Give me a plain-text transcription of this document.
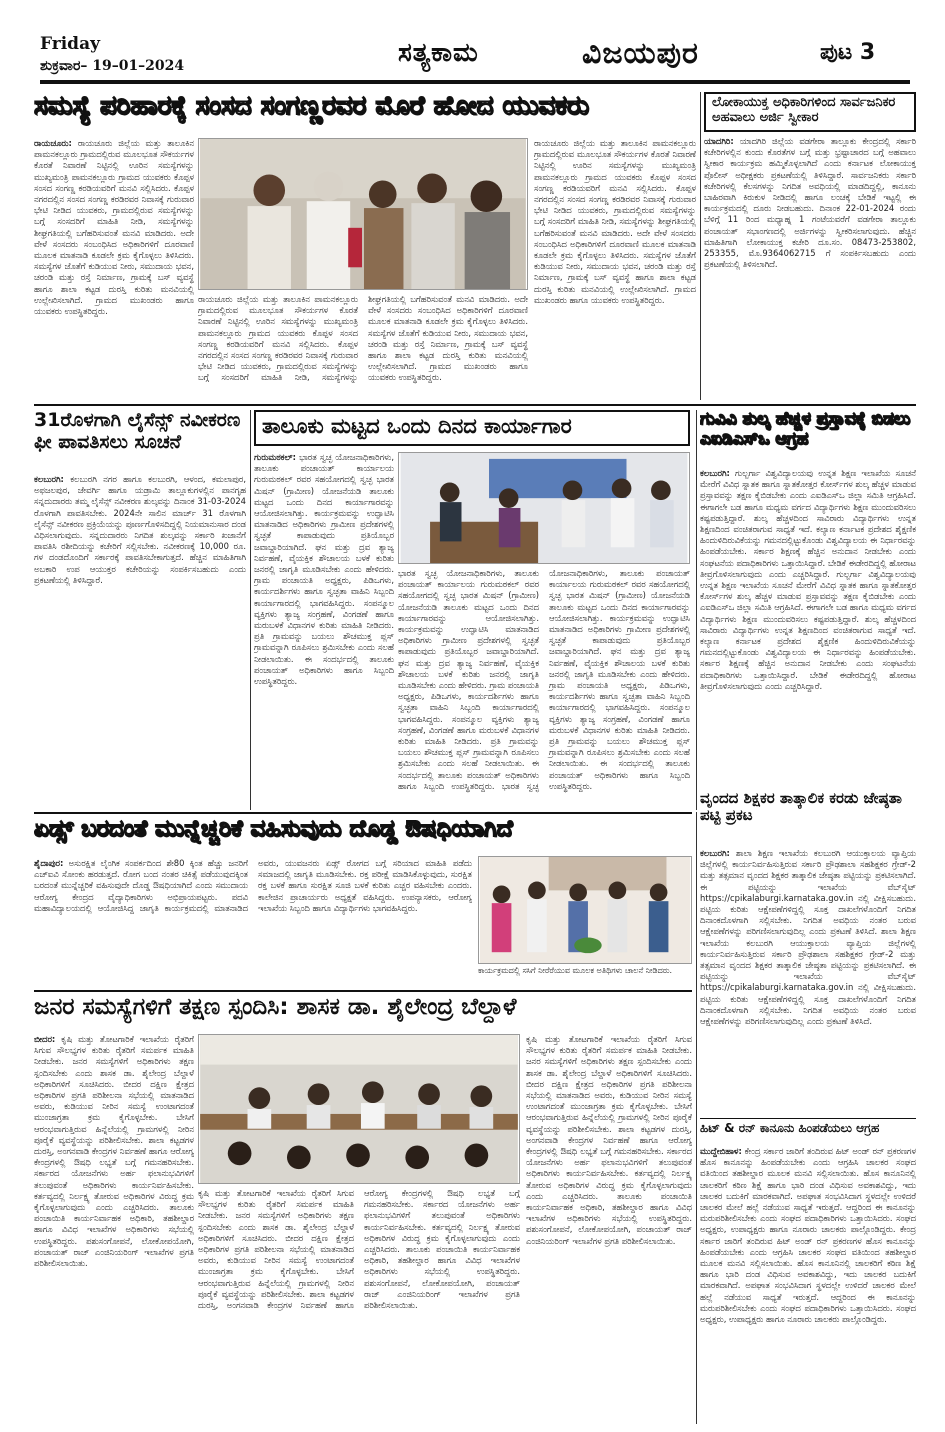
Friday
ಶುಕ್ರವಾರ– 19–01–2024	ಸತ್ಯಕಾಮ	ವಿಜಯಪುರ	ಪುಟ 3
ಸಮಸ್ಯೆ ಪರಿಹಾರಕ್ಕೆ ಸಂಸದ ಸಂಗಣ್ಣರವರ ಮೊರೆ ಹೋದ ಯುವಕರು
ರಾಯಚೂರು: ರಾಯಚೂರು ಜಿಲ್ಲೆಯ ಮತ್ತು ತಾಲೂಕಿನ ಪಾಮನಕಲ್ಲೂರು ಗ್ರಾಮದಲ್ಲಿರುವ ಮೂಲಭೂತ ಸೌಕರ್ಯಗಳ ಕೊರತೆ ನಿವಾರಣೆ ನಿಟ್ಟಿನಲ್ಲಿ ಊರಿನ ಸಮಸ್ಯೆಗಳನ್ನು ಮುಖ್ಯಮಂತ್ರಿ ಪಾಮನಕಲ್ಲೂರು ಗ್ರಾಮದ ಯುವಕರು ಕೊಪ್ಪಳ ಸಂಸದ ಸಂಗಣ್ಣ ಕರಡಿಯವರಿಗೆ ಮನವಿ ಸಲ್ಲಿಸಿದರು. ಕೊಪ್ಪಳ ನಗರದಲ್ಲಿನ ಸಂಸದ ಸಂಗಣ್ಣ ಕರಡಿರವರ ನಿವಾಸಕ್ಕೆ ಗುರುವಾರ ಭೇಟಿ ನೀಡಿದ ಯುವಕರು, ಗ್ರಾಮದಲ್ಲಿರುವ ಸಮಸ್ಯೆಗಳನ್ನು ಬಗ್ಗೆ ಸಂಸದರಿಗೆ ಮಾಹಿತಿ ನೀಡಿ, ಸಮಸ್ಯೆಗಳನ್ನು ಶೀಘ್ರಗತಿಯಲ್ಲಿ ಬಗೆಹರಿಸುವಂತೆ ಮನವಿ ಮಾಡಿದರು. ಅದೇ ವೇಳೆ ಸಂಸದರು ಸಂಬಂಧಿಸಿದ ಅಧಿಕಾರಿಗಳಿಗೆ ದೂರವಾಣಿ ಮೂಲಕ ಮಾತನಾಡಿ ಕೂಡಲೇ ಕ್ರಮ ಕೈಗೊಳ್ಳಲು ತಿಳಿಸಿದರು. ಸಮಸ್ಯೆಗಳ ಜೊತೆಗೆ ಕುಡಿಯುವ ನೀರು, ಸಮುದಾಯ ಭವನ, ಚರಂಡಿ ಮತ್ತು ರಸ್ತೆ ನಿರ್ಮಾಣ, ಗ್ರಾಮಕ್ಕೆ ಬಸ್ ವ್ಯವಸ್ಥೆ ಹಾಗೂ ಶಾಲಾ ಕಟ್ಟಡ ದುರಸ್ತಿ ಕುರಿತು ಮನವಿಯಲ್ಲಿ ಉಲ್ಲೇಖಿಸಲಾಗಿದೆ. ಗ್ರಾಮದ ಮುಖಂಡರು ಹಾಗೂ ಯುವಕರು ಉಪಸ್ಥಿತರಿದ್ದರು.
ರಾಯಚೂರು ಜಿಲ್ಲೆಯ ಮತ್ತು ತಾಲೂಕಿನ ಪಾಮನಕಲ್ಲೂರು ಗ್ರಾಮದಲ್ಲಿರುವ ಮೂಲಭೂತ ಸೌಕರ್ಯಗಳ ಕೊರತೆ ನಿವಾರಣೆ ನಿಟ್ಟಿನಲ್ಲಿ ಊರಿನ ಸಮಸ್ಯೆಗಳನ್ನು ಮುಖ್ಯಮಂತ್ರಿ ಪಾಮನಕಲ್ಲೂರು ಗ್ರಾಮದ ಯುವಕರು ಕೊಪ್ಪಳ ಸಂಸದ ಸಂಗಣ್ಣ ಕರಡಿಯವರಿಗೆ ಮನವಿ ಸಲ್ಲಿಸಿದರು. ಕೊಪ್ಪಳ ನಗರದಲ್ಲಿನ ಸಂಸದ ಸಂಗಣ್ಣ ಕರಡಿರವರ ನಿವಾಸಕ್ಕೆ ಗುರುವಾರ ಭೇಟಿ ನೀಡಿದ ಯುವಕರು, ಗ್ರಾಮದಲ್ಲಿರುವ ಸಮಸ್ಯೆಗಳನ್ನು ಬಗ್ಗೆ ಸಂಸದರಿಗೆ ಮಾಹಿತಿ ನೀಡಿ, ಸಮಸ್ಯೆಗಳನ್ನು ಶೀಘ್ರಗತಿಯಲ್ಲಿ ಬಗೆಹರಿಸುವಂತೆ ಮನವಿ ಮಾಡಿದರು. ಅದೇ ವೇಳೆ ಸಂಸದರು ಸಂಬಂಧಿಸಿದ ಅಧಿಕಾರಿಗಳಿಗೆ ದೂರವಾಣಿ ಮೂಲಕ ಮಾತನಾಡಿ ಕೂಡಲೇ ಕ್ರಮ ಕೈಗೊಳ್ಳಲು ತಿಳಿಸಿದರು. ಸಮಸ್ಯೆಗಳ ಜೊತೆಗೆ ಕುಡಿಯುವ ನೀರು, ಸಮುದಾಯ ಭವನ, ಚರಂಡಿ ಮತ್ತು ರಸ್ತೆ ನಿರ್ಮಾಣ, ಗ್ರಾಮಕ್ಕೆ ಬಸ್ ವ್ಯವಸ್ಥೆ ಹಾಗೂ ಶಾಲಾ ಕಟ್ಟಡ ದುರಸ್ತಿ ಕುರಿತು ಮನವಿಯಲ್ಲಿ ಉಲ್ಲೇಖಿಸಲಾಗಿದೆ. ಗ್ರಾಮದ ಮುಖಂಡರು ಹಾಗೂ ಯುವಕರು ಉಪಸ್ಥಿತರಿದ್ದರು.
ರಾಯಚೂರು ಜಿಲ್ಲೆಯ ಮತ್ತು ತಾಲೂಕಿನ ಪಾಮನಕಲ್ಲೂರು ಗ್ರಾಮದಲ್ಲಿರುವ ಮೂಲಭೂತ ಸೌಕರ್ಯಗಳ ಕೊರತೆ ನಿವಾರಣೆ ನಿಟ್ಟಿನಲ್ಲಿ ಊರಿನ ಸಮಸ್ಯೆಗಳನ್ನು ಮುಖ್ಯಮಂತ್ರಿ ಪಾಮನಕಲ್ಲೂರು ಗ್ರಾಮದ ಯುವಕರು ಕೊಪ್ಪಳ ಸಂಸದ ಸಂಗಣ್ಣ ಕರಡಿಯವರಿಗೆ ಮನವಿ ಸಲ್ಲಿಸಿದರು. ಕೊಪ್ಪಳ ನಗರದಲ್ಲಿನ ಸಂಸದ ಸಂಗಣ್ಣ ಕರಡಿರವರ ನಿವಾಸಕ್ಕೆ ಗುರುವಾರ ಭೇಟಿ ನೀಡಿದ ಯುವಕರು, ಗ್ರಾಮದಲ್ಲಿರುವ ಸಮಸ್ಯೆಗಳನ್ನು ಬಗ್ಗೆ ಸಂಸದರಿಗೆ ಮಾಹಿತಿ ನೀಡಿ, ಸಮಸ್ಯೆಗಳನ್ನು ಶೀಘ್ರಗತಿಯಲ್ಲಿ ಬಗೆಹರಿಸುವಂತೆ ಮನವಿ ಮಾಡಿದರು. ಅದೇ ವೇಳೆ ಸಂಸದರು ಸಂಬಂಧಿಸಿದ ಅಧಿಕಾರಿಗಳಿಗೆ ದೂರವಾಣಿ ಮೂಲಕ ಮಾತನಾಡಿ ಕೂಡಲೇ ಕ್ರಮ ಕೈಗೊಳ್ಳಲು ತಿಳಿಸಿದರು. ಸಮಸ್ಯೆಗಳ ಜೊತೆಗೆ ಕುಡಿಯುವ ನೀರು, ಸಮುದಾಯ ಭವನ, ಚರಂಡಿ ಮತ್ತು ರಸ್ತೆ ನಿರ್ಮಾಣ, ಗ್ರಾಮಕ್ಕೆ ಬಸ್ ವ್ಯವಸ್ಥೆ ಹಾಗೂ ಶಾಲಾ ಕಟ್ಟಡ ದುರಸ್ತಿ ಕುರಿತು ಮನವಿಯಲ್ಲಿ ಉಲ್ಲೇಖಿಸಲಾಗಿದೆ. ಗ್ರಾಮದ ಮುಖಂಡರು ಹಾಗೂ ಯುವಕರು ಉಪಸ್ಥಿತರಿದ್ದರು.
ಲೋಕಾಯುಕ್ತ ಅಧಿಕಾರಿಗಳಿಂದ ಸಾರ್ವಜನಿಕರ ಅಹವಾಲು ಅರ್ಜಿ ಸ್ವೀಕಾರ
ಯಾದಗಿರಿ: ಯಾದಗಿರಿ ಜಿಲ್ಲೆಯ ವಡಗೇರಾ ತಾಲ್ಲೂಕು ಕೇಂದ್ರದಲ್ಲಿ ಸರ್ಕಾರಿ ಕಚೇರಿಗಳಲ್ಲಿನ ಕುಂದು ಕೊರತೆಗಳ ಬಗ್ಗೆ ಮತ್ತು ಭ್ರಷ್ಟಾಚಾರದ ಬಗ್ಗೆ ಅಹವಾಲು ಸ್ವೀಕಾರ ಕಾರ್ಯಕ್ರಮ ಹಮ್ಮಿಕೊಳ್ಳಲಾಗಿದೆ ಎಂದು ಕರ್ನಾಟಕ ಲೋಕಾಯುಕ್ತ ಪೊಲೀಸ್ ಅಧೀಕ್ಷಕರು ಪ್ರಕಟಣೆಯಲ್ಲಿ ತಿಳಿಸಿದ್ದಾರೆ. ಸಾರ್ವಜನಿಕರು ಸರ್ಕಾರಿ ಕಚೇರಿಗಳಲ್ಲಿ ಕೆಲಸಗಳನ್ನು ನಿಗದಿತ ಅವಧಿಯಲ್ಲಿ ಮಾಡದಿದ್ದಲ್ಲಿ, ಕಾನೂನು ಬಾಹಿರವಾಗಿ ಕಿರುಕುಳ ನೀಡಿದಲ್ಲಿ ಹಾಗೂ ಲಂಚಕ್ಕೆ ಬೇಡಿಕೆ ಇಟ್ಟಲ್ಲಿ ಈ ಕಾರ್ಯಕ್ರಮದಲ್ಲಿ ದೂರು ನೀಡಬಹುದು. ದಿನಾಂಕ 22-01-2024 ರಂದು ಬೆಳಿಗ್ಗೆ 11 ರಿಂದ ಮಧ್ಯಾಹ್ನ 1 ಗಂಟೆಯವರೆಗೆ ವಡಗೇರಾ ತಾಲ್ಲೂಕು ಪಂಚಾಯತ್ ಸಭಾಂಗಣದಲ್ಲಿ ಅರ್ಜಿಗಳನ್ನು ಸ್ವೀಕರಿಸಲಾಗುವುದು. ಹೆಚ್ಚಿನ ಮಾಹಿತಿಗಾಗಿ ಲೋಕಾಯುಕ್ತ ಕಚೇರಿ ದೂ.ಸಂ. 08473-253802, 253355, ಮೊ.9364062715 ಗೆ ಸಂಪರ್ಕಿಸಬಹುದು ಎಂದು ಪ್ರಕಟಣೆಯಲ್ಲಿ ತಿಳಿಸಲಾಗಿದೆ.
31ರೊಳಗಾಗಿ ಲೈಸೆನ್ಸ್ ನವೀಕರಣ ಫೀ ಪಾವತಿಸಲು ಸೂಚನೆ
ಕಲಬುರಗಿ: ಕಲಬುರಗಿ ನಗರ ಹಾಗೂ ಕಲಬುರಗಿ, ಆಳಂದ, ಕಮಲಾಪುರ, ಅಫಜಲಪುರ, ಜೇವರ್ಗಿ ಹಾಗೂ ಯಡ್ರಾಮಿ ತಾಲ್ಲೂಕುಗಳಲ್ಲಿನ ಪಾನಗೃಹ ಸನ್ನದುದಾರರು ತಮ್ಮ ಲೈಸೆನ್ಸ್ ನವೀಕರಣ ಶುಲ್ಕವನ್ನು ದಿನಾಂಕ 31-03-2024 ರೊಳಗಾಗಿ ಪಾವತಿಸಬೇಕು. 2024ನೇ ಸಾಲಿನ ಮಾರ್ಚ್ 31 ರೊಳಗಾಗಿ ಲೈಸೆನ್ಸ್ ನವೀಕರಣ ಪ್ರಕ್ರಿಯೆಯನ್ನು ಪೂರ್ಣಗೊಳಿಸದಿದ್ದಲ್ಲಿ ನಿಯಮಾನುಸಾರ ದಂಡ ವಿಧಿಸಲಾಗುವುದು. ಸನ್ನದುದಾರರು ನಿಗದಿತ ಶುಲ್ಕವನ್ನು ಸರ್ಕಾರಿ ಖಜಾನೆಗೆ ಪಾವತಿಸಿ ರಶೀದಿಯನ್ನು ಕಚೇರಿಗೆ ಸಲ್ಲಿಸಬೇಕು. ನವೀಕರಣಕ್ಕೆ 10,000 ರೂ. ಗಳ ದಂಡದೊಂದಿಗೆ ಸರ್ಕಾರಕ್ಕೆ ಪಾವತಿಸಬೇಕಾಗುತ್ತದೆ. ಹೆಚ್ಚಿನ ಮಾಹಿತಿಗಾಗಿ ಅಬಕಾರಿ ಉಪ ಆಯುಕ್ತರ ಕಚೇರಿಯನ್ನು ಸಂಪರ್ಕಿಸಬಹುದು ಎಂದು ಪ್ರಕಟಣೆಯಲ್ಲಿ ತಿಳಿಸಿದ್ದಾರೆ.
ತಾಲೂಕು ಮಟ್ಟದ ಒಂದು ದಿನದ ಕಾರ್ಯಾಗಾರ
ಗುರುಮಠಕಲ್: ಭಾರತ ಸ್ವಚ್ಛ ಯೋಜನಾಧಿಕಾರಿಗಳು, ತಾಲೂಕು ಪಂಚಾಯತ್ ಕಾರ್ಯಾಲಯ ಗುರುಮಠಕಲ್ ರವರ ಸಹಯೋಗದಲ್ಲಿ ಸ್ವಚ್ಛ ಭಾರತ ಮಿಷನ್ (ಗ್ರಾಮೀಣ) ಯೋಜನೆಯಡಿ ತಾಲೂಕು ಮಟ್ಟದ ಒಂದು ದಿನದ ಕಾರ್ಯಾಗಾರವನ್ನು ಆಯೋಜಿಸಲಾಗಿತ್ತು. ಕಾರ್ಯಕ್ರಮವನ್ನು ಉದ್ಘಾಟಿಸಿ ಮಾತನಾಡಿದ ಅಧಿಕಾರಿಗಳು ಗ್ರಾಮೀಣ ಪ್ರದೇಶಗಳಲ್ಲಿ ಸ್ವಚ್ಛತೆ ಕಾಪಾಡುವುದು ಪ್ರತಿಯೊಬ್ಬರ ಜವಾಬ್ದಾರಿಯಾಗಿದೆ. ಘನ ಮತ್ತು ದ್ರವ ತ್ಯಾಜ್ಯ ನಿರ್ವಹಣೆ, ವೈಯಕ್ತಿಕ ಶೌಚಾಲಯ ಬಳಕೆ ಕುರಿತು ಜನರಲ್ಲಿ ಜಾಗೃತಿ ಮೂಡಿಸಬೇಕು ಎಂದು ಹೇಳಿದರು. ಗ್ರಾಮ ಪಂಚಾಯತಿ ಅಧ್ಯಕ್ಷರು, ಪಿಡಿಒಗಳು, ಕಾರ್ಯದರ್ಶಿಗಳು ಹಾಗೂ ಸ್ವಚ್ಛತಾ ವಾಹಿನಿ ಸಿಬ್ಬಂದಿ ಕಾರ್ಯಾಗಾರದಲ್ಲಿ ಭಾಗವಹಿಸಿದ್ದರು. ಸಂಪನ್ಮೂಲ ವ್ಯಕ್ತಿಗಳು ತ್ಯಾಜ್ಯ ಸಂಗ್ರಹಣೆ, ವಿಂಗಡಣೆ ಹಾಗೂ ಮರುಬಳಕೆ ವಿಧಾನಗಳ ಕುರಿತು ಮಾಹಿತಿ ನೀಡಿದರು. ಪ್ರತಿ ಗ್ರಾಮವನ್ನು ಬಯಲು ಶೌಚಮುಕ್ತ ಪ್ಲಸ್ ಗ್ರಾಮವನ್ನಾಗಿ ರೂಪಿಸಲು ಶ್ರಮಿಸಬೇಕು ಎಂದು ಸಲಹೆ ನೀಡಲಾಯಿತು. ಈ ಸಂದರ್ಭದಲ್ಲಿ ತಾಲೂಕು ಪಂಚಾಯತ್ ಅಧಿಕಾರಿಗಳು ಹಾಗೂ ಸಿಬ್ಬಂದಿ ಉಪಸ್ಥಿತರಿದ್ದರು.
ಭಾರತ ಸ್ವಚ್ಛ ಯೋಜನಾಧಿಕಾರಿಗಳು, ತಾಲೂಕು ಪಂಚಾಯತ್ ಕಾರ್ಯಾಲಯ ಗುರುಮಠಕಲ್ ರವರ ಸಹಯೋಗದಲ್ಲಿ ಸ್ವಚ್ಛ ಭಾರತ ಮಿಷನ್ (ಗ್ರಾಮೀಣ) ಯೋಜನೆಯಡಿ ತಾಲೂಕು ಮಟ್ಟದ ಒಂದು ದಿನದ ಕಾರ್ಯಾಗಾರವನ್ನು ಆಯೋಜಿಸಲಾಗಿತ್ತು. ಕಾರ್ಯಕ್ರಮವನ್ನು ಉದ್ಘಾಟಿಸಿ ಮಾತನಾಡಿದ ಅಧಿಕಾರಿಗಳು ಗ್ರಾಮೀಣ ಪ್ರದೇಶಗಳಲ್ಲಿ ಸ್ವಚ್ಛತೆ ಕಾಪಾಡುವುದು ಪ್ರತಿಯೊಬ್ಬರ ಜವಾಬ್ದಾರಿಯಾಗಿದೆ. ಘನ ಮತ್ತು ದ್ರವ ತ್ಯಾಜ್ಯ ನಿರ್ವಹಣೆ, ವೈಯಕ್ತಿಕ ಶೌಚಾಲಯ ಬಳಕೆ ಕುರಿತು ಜನರಲ್ಲಿ ಜಾಗೃತಿ ಮೂಡಿಸಬೇಕು ಎಂದು ಹೇಳಿದರು. ಗ್ರಾಮ ಪಂಚಾಯತಿ ಅಧ್ಯಕ್ಷರು, ಪಿಡಿಒಗಳು, ಕಾರ್ಯದರ್ಶಿಗಳು ಹಾಗೂ ಸ್ವಚ್ಛತಾ ವಾಹಿನಿ ಸಿಬ್ಬಂದಿ ಕಾರ್ಯಾಗಾರದಲ್ಲಿ ಭಾಗವಹಿಸಿದ್ದರು. ಸಂಪನ್ಮೂಲ ವ್ಯಕ್ತಿಗಳು ತ್ಯಾಜ್ಯ ಸಂಗ್ರಹಣೆ, ವಿಂಗಡಣೆ ಹಾಗೂ ಮರುಬಳಕೆ ವಿಧಾನಗಳ ಕುರಿತು ಮಾಹಿತಿ ನೀಡಿದರು. ಪ್ರತಿ ಗ್ರಾಮವನ್ನು ಬಯಲು ಶೌಚಮುಕ್ತ ಪ್ಲಸ್ ಗ್ರಾಮವನ್ನಾಗಿ ರೂಪಿಸಲು ಶ್ರಮಿಸಬೇಕು ಎಂದು ಸಲಹೆ ನೀಡಲಾಯಿತು. ಈ ಸಂದರ್ಭದಲ್ಲಿ ತಾಲೂಕು ಪಂಚಾಯತ್ ಅಧಿಕಾರಿಗಳು ಹಾಗೂ ಸಿಬ್ಬಂದಿ ಉಪಸ್ಥಿತರಿದ್ದರು. ಭಾರತ ಸ್ವಚ್ಛ ಯೋಜನಾಧಿಕಾರಿಗಳು, ತಾಲೂಕು ಪಂಚಾಯತ್ ಕಾರ್ಯಾಲಯ ಗುರುಮಠಕಲ್ ರವರ ಸಹಯೋಗದಲ್ಲಿ ಸ್ವಚ್ಛ ಭಾರತ ಮಿಷನ್ (ಗ್ರಾಮೀಣ) ಯೋಜನೆಯಡಿ ತಾಲೂಕು ಮಟ್ಟದ ಒಂದು ದಿನದ ಕಾರ್ಯಾಗಾರವನ್ನು ಆಯೋಜಿಸಲಾಗಿತ್ತು. ಕಾರ್ಯಕ್ರಮವನ್ನು ಉದ್ಘಾಟಿಸಿ ಮಾತನಾಡಿದ ಅಧಿಕಾರಿಗಳು ಗ್ರಾಮೀಣ ಪ್ರದೇಶಗಳಲ್ಲಿ ಸ್ವಚ್ಛತೆ ಕಾಪಾಡುವುದು ಪ್ರತಿಯೊಬ್ಬರ ಜವಾಬ್ದಾರಿಯಾಗಿದೆ. ಘನ ಮತ್ತು ದ್ರವ ತ್ಯಾಜ್ಯ ನಿರ್ವಹಣೆ, ವೈಯಕ್ತಿಕ ಶೌಚಾಲಯ ಬಳಕೆ ಕುರಿತು ಜನರಲ್ಲಿ ಜಾಗೃತಿ ಮೂಡಿಸಬೇಕು ಎಂದು ಹೇಳಿದರು. ಗ್ರಾಮ ಪಂಚಾಯತಿ ಅಧ್ಯಕ್ಷರು, ಪಿಡಿಒಗಳು, ಕಾರ್ಯದರ್ಶಿಗಳು ಹಾಗೂ ಸ್ವಚ್ಛತಾ ವಾಹಿನಿ ಸಿಬ್ಬಂದಿ ಕಾರ್ಯಾಗಾರದಲ್ಲಿ ಭಾಗವಹಿಸಿದ್ದರು. ಸಂಪನ್ಮೂಲ ವ್ಯಕ್ತಿಗಳು ತ್ಯಾಜ್ಯ ಸಂಗ್ರಹಣೆ, ವಿಂಗಡಣೆ ಹಾಗೂ ಮರುಬಳಕೆ ವಿಧಾನಗಳ ಕುರಿತು ಮಾಹಿತಿ ನೀಡಿದರು. ಪ್ರತಿ ಗ್ರಾಮವನ್ನು ಬಯಲು ಶೌಚಮುಕ್ತ ಪ್ಲಸ್ ಗ್ರಾಮವನ್ನಾಗಿ ರೂಪಿಸಲು ಶ್ರಮಿಸಬೇಕು ಎಂದು ಸಲಹೆ ನೀಡಲಾಯಿತು. ಈ ಸಂದರ್ಭದಲ್ಲಿ ತಾಲೂಕು ಪಂಚಾಯತ್ ಅಧಿಕಾರಿಗಳು ಹಾಗೂ ಸಿಬ್ಬಂದಿ ಉಪಸ್ಥಿತರಿದ್ದರು.
ಗುವಿವಿ ಶುಲ್ಕ ಹೆಚ್ಚಳ ಪ್ರಸ್ತಾವಕ್ಕೆ ಬಿಡಲು ಎಐಡಿಎಸ್ಒ ಆಗ್ರಹ
ಕಲಬುರಗಿ: ಗುಲ್ಬರ್ಗಾ ವಿಶ್ವವಿದ್ಯಾಲಯವು ಉನ್ನತ ಶಿಕ್ಷಣ ಇಲಾಖೆಯ ಸೂಚನೆ ಮೇರೆಗೆ ವಿವಿಧ ಸ್ನಾತಕ ಹಾಗೂ ಸ್ನಾತಕೋತ್ತರ ಕೋರ್ಸ್‌ಗಳ ಶುಲ್ಕ ಹೆಚ್ಚಳ ಮಾಡುವ ಪ್ರಸ್ತಾವವನ್ನು ತಕ್ಷಣ ಕೈಬಿಡಬೇಕು ಎಂದು ಎಐಡಿಎಸ್ಒ ಜಿಲ್ಲಾ ಸಮಿತಿ ಆಗ್ರಹಿಸಿದೆ. ಈಗಾಗಲೇ ಬಡ ಹಾಗೂ ಮಧ್ಯಮ ವರ್ಗದ ವಿದ್ಯಾರ್ಥಿಗಳು ಶಿಕ್ಷಣ ಮುಂದುವರಿಸಲು ಕಷ್ಟಪಡುತ್ತಿದ್ದಾರೆ. ಶುಲ್ಕ ಹೆಚ್ಚಳದಿಂದ ಸಾವಿರಾರು ವಿದ್ಯಾರ್ಥಿಗಳು ಉನ್ನತ ಶಿಕ್ಷಣದಿಂದ ವಂಚಿತರಾಗುವ ಸಾಧ್ಯತೆ ಇದೆ. ಕಲ್ಯಾಣ ಕರ್ನಾಟಕ ಪ್ರದೇಶದ ಶೈಕ್ಷಣಿಕ ಹಿಂದುಳಿದಿರುವಿಕೆಯನ್ನು ಗಮನದಲ್ಲಿಟ್ಟುಕೊಂಡು ವಿಶ್ವವಿದ್ಯಾಲಯ ಈ ನಿರ್ಧಾರವನ್ನು ಹಿಂಪಡೆಯಬೇಕು. ಸರ್ಕಾರ ಶಿಕ್ಷಣಕ್ಕೆ ಹೆಚ್ಚಿನ ಅನುದಾನ ನೀಡಬೇಕು ಎಂದು ಸಂಘಟನೆಯ ಪದಾಧಿಕಾರಿಗಳು ಒತ್ತಾಯಿಸಿದ್ದಾರೆ. ಬೇಡಿಕೆ ಈಡೇರದಿದ್ದಲ್ಲಿ ಹೋರಾಟ ತೀವ್ರಗೊಳಿಸಲಾಗುವುದು ಎಂದು ಎಚ್ಚರಿಸಿದ್ದಾರೆ. ಗುಲ್ಬರ್ಗಾ ವಿಶ್ವವಿದ್ಯಾಲಯವು ಉನ್ನತ ಶಿಕ್ಷಣ ಇಲಾಖೆಯ ಸೂಚನೆ ಮೇರೆಗೆ ವಿವಿಧ ಸ್ನಾತಕ ಹಾಗೂ ಸ್ನಾತಕೋತ್ತರ ಕೋರ್ಸ್‌ಗಳ ಶುಲ್ಕ ಹೆಚ್ಚಳ ಮಾಡುವ ಪ್ರಸ್ತಾವವನ್ನು ತಕ್ಷಣ ಕೈಬಿಡಬೇಕು ಎಂದು ಎಐಡಿಎಸ್ಒ ಜಿಲ್ಲಾ ಸಮಿತಿ ಆಗ್ರಹಿಸಿದೆ. ಈಗಾಗಲೇ ಬಡ ಹಾಗೂ ಮಧ್ಯಮ ವರ್ಗದ ವಿದ್ಯಾರ್ಥಿಗಳು ಶಿಕ್ಷಣ ಮುಂದುವರಿಸಲು ಕಷ್ಟಪಡುತ್ತಿದ್ದಾರೆ. ಶುಲ್ಕ ಹೆಚ್ಚಳದಿಂದ ಸಾವಿರಾರು ವಿದ್ಯಾರ್ಥಿಗಳು ಉನ್ನತ ಶಿಕ್ಷಣದಿಂದ ವಂಚಿತರಾಗುವ ಸಾಧ್ಯತೆ ಇದೆ. ಕಲ್ಯಾಣ ಕರ್ನಾಟಕ ಪ್ರದೇಶದ ಶೈಕ್ಷಣಿಕ ಹಿಂದುಳಿದಿರುವಿಕೆಯನ್ನು ಗಮನದಲ್ಲಿಟ್ಟುಕೊಂಡು ವಿಶ್ವವಿದ್ಯಾಲಯ ಈ ನಿರ್ಧಾರವನ್ನು ಹಿಂಪಡೆಯಬೇಕು. ಸರ್ಕಾರ ಶಿಕ್ಷಣಕ್ಕೆ ಹೆಚ್ಚಿನ ಅನುದಾನ ನೀಡಬೇಕು ಎಂದು ಸಂಘಟನೆಯ ಪದಾಧಿಕಾರಿಗಳು ಒತ್ತಾಯಿಸಿದ್ದಾರೆ. ಬೇಡಿಕೆ ಈಡೇರದಿದ್ದಲ್ಲಿ ಹೋರಾಟ ತೀವ್ರಗೊಳಿಸಲಾಗುವುದು ಎಂದು ಎಚ್ಚರಿಸಿದ್ದಾರೆ.
ವೃಂದದ ಶಿಕ್ಷಕರ ತಾತ್ಕಾಲಿಕ ಕರಡು ಜೇಷ್ಠತಾ ಪಟ್ಟಿ ಪ್ರಕಟ
ಕಲಬುರಗಿ: ಶಾಲಾ ಶಿಕ್ಷಣ ಇಲಾಖೆಯ ಕಲಬುರಗಿ ಆಯುಕ್ತಾಲಯ ವ್ಯಾಪ್ತಿಯ ಜಿಲ್ಲೆಗಳಲ್ಲಿ ಕಾರ್ಯನಿರ್ವಹಿಸುತ್ತಿರುವ ಸರ್ಕಾರಿ ಪ್ರೌಢಶಾಲಾ ಸಹಶಿಕ್ಷಕರ ಗ್ರೇಡ್-2 ಮತ್ತು ತತ್ಸಮಾನ ವೃಂದದ ಶಿಕ್ಷಕರ ತಾತ್ಕಾಲಿಕ ಜೇಷ್ಠತಾ ಪಟ್ಟಿಯನ್ನು ಪ್ರಕಟಿಸಲಾಗಿದೆ. ಈ ಪಟ್ಟಿಯನ್ನು ಇಲಾಖೆಯ ವೆಬ್‌ಸೈಟ್ https://cpikalaburgi.karnataka.gov.in ನಲ್ಲಿ ವೀಕ್ಷಿಸಬಹುದು. ಪಟ್ಟಿಯ ಕುರಿತು ಆಕ್ಷೇಪಣೆಗಳಿದ್ದಲ್ಲಿ ಸೂಕ್ತ ದಾಖಲೆಗಳೊಂದಿಗೆ ನಿಗದಿತ ದಿನಾಂಕದೊಳಗಾಗಿ ಸಲ್ಲಿಸಬೇಕು. ನಿಗದಿತ ಅವಧಿಯ ನಂತರ ಬರುವ ಆಕ್ಷೇಪಣೆಗಳನ್ನು ಪರಿಗಣಿಸಲಾಗುವುದಿಲ್ಲ ಎಂದು ಪ್ರಕಟಣೆ ತಿಳಿಸಿದೆ. ಶಾಲಾ ಶಿಕ್ಷಣ ಇಲಾಖೆಯ ಕಲಬುರಗಿ ಆಯುಕ್ತಾಲಯ ವ್ಯಾಪ್ತಿಯ ಜಿಲ್ಲೆಗಳಲ್ಲಿ ಕಾರ್ಯನಿರ್ವಹಿಸುತ್ತಿರುವ ಸರ್ಕಾರಿ ಪ್ರೌಢಶಾಲಾ ಸಹಶಿಕ್ಷಕರ ಗ್ರೇಡ್-2 ಮತ್ತು ತತ್ಸಮಾನ ವೃಂದದ ಶಿಕ್ಷಕರ ತಾತ್ಕಾಲಿಕ ಜೇಷ್ಠತಾ ಪಟ್ಟಿಯನ್ನು ಪ್ರಕಟಿಸಲಾಗಿದೆ. ಈ ಪಟ್ಟಿಯನ್ನು ಇಲಾಖೆಯ ವೆಬ್‌ಸೈಟ್ https://cpikalaburgi.karnataka.gov.in ನಲ್ಲಿ ವೀಕ್ಷಿಸಬಹುದು. ಪಟ್ಟಿಯ ಕುರಿತು ಆಕ್ಷೇಪಣೆಗಳಿದ್ದಲ್ಲಿ ಸೂಕ್ತ ದಾಖಲೆಗಳೊಂದಿಗೆ ನಿಗದಿತ ದಿನಾಂಕದೊಳಗಾಗಿ ಸಲ್ಲಿಸಬೇಕು. ನಿಗದಿತ ಅವಧಿಯ ನಂತರ ಬರುವ ಆಕ್ಷೇಪಣೆಗಳನ್ನು ಪರಿಗಣಿಸಲಾಗುವುದಿಲ್ಲ ಎಂದು ಪ್ರಕಟಣೆ ತಿಳಿಸಿದೆ.
ಏಡ್ಸ್ ಬರದಂತೆ ಮುನ್ನೆಚ್ಚರಿಕೆ ವಹಿಸುವುದು ದೊಡ್ಡ ಔಷಧಿಯಾಗಿದೆ
ಶೈದಾಪುರ: ಅಸುರಕ್ಷಿತ ಲೈಂಗಿಕ ಸಂಪರ್ಕದಿಂದ ಶೇ80 ಕ್ಕಿಂತ ಹೆಚ್ಚು ಜನರಿಗೆ ಎಚ್‌ಐವಿ ಸೋಂಕು ಹರಡುತ್ತದೆ. ರೋಗ ಬಂದ ನಂತರ ಚಿಕಿತ್ಸೆ ಪಡೆಯುವುದಕ್ಕಿಂತ ಬರದಂತೆ ಮುನ್ನೆಚ್ಚರಿಕೆ ವಹಿಸುವುದೇ ದೊಡ್ಡ ಔಷಧಿಯಾಗಿದೆ ಎಂದು ಸಮುದಾಯ ಆರೋಗ್ಯ ಕೇಂದ್ರದ ವೈದ್ಯಾಧಿಕಾರಿಗಳು ಅಭಿಪ್ರಾಯಪಟ್ಟರು. ಪದವಿ ಮಹಾವಿದ್ಯಾಲಯದಲ್ಲಿ ಆಯೋಜಿಸಿದ್ದ ಜಾಗೃತಿ ಕಾರ್ಯಕ್ರಮದಲ್ಲಿ ಮಾತನಾಡಿದ ಅವರು, ಯುವಜನರು ಏಡ್ಸ್ ರೋಗದ ಬಗ್ಗೆ ಸರಿಯಾದ ಮಾಹಿತಿ ಪಡೆದು ಸಮಾಜದಲ್ಲಿ ಜಾಗೃತಿ ಮೂಡಿಸಬೇಕು. ರಕ್ತ ಪರೀಕ್ಷೆ ಮಾಡಿಸಿಕೊಳ್ಳುವುದು, ಸುರಕ್ಷಿತ ರಕ್ತ ಬಳಕೆ ಹಾಗೂ ಸುರಕ್ಷಿತ ಸೂಜಿ ಬಳಕೆ ಕುರಿತು ಎಚ್ಚರ ವಹಿಸಬೇಕು ಎಂದರು. ಕಾಲೇಜಿನ ಪ್ರಾಚಾರ್ಯರು ಅಧ್ಯಕ್ಷತೆ ವಹಿಸಿದ್ದರು. ಉಪನ್ಯಾಸಕರು, ಆರೋಗ್ಯ ಇಲಾಖೆಯ ಸಿಬ್ಬಂದಿ ಹಾಗೂ ವಿದ್ಯಾರ್ಥಿಗಳು ಭಾಗವಹಿಸಿದ್ದರು.
ಕಾರ್ಯಕ್ರಮದಲ್ಲಿ ಸಸಿಗೆ ನೀರೆರೆಯುವ ಮೂಲಕ ಅತಿಥಿಗಳು ಚಾಲನೆ ನೀಡಿದರು.
ಜನರ ಸಮಸ್ಯೆಗಳಿಗೆ ತಕ್ಷಣ ಸ್ಪಂದಿಸಿ: ಶಾಸಕ ಡಾ. ಶೈಲೇಂದ್ರ ಬೆಲ್ದಾಳೆ
ಬೀದರ: ಕೃಷಿ ಮತ್ತು ತೋಟಗಾರಿಕೆ ಇಲಾಖೆಯ ರೈತರಿಗೆ ಸಿಗುವ ಸೌಲಭ್ಯಗಳ ಕುರಿತು ರೈತರಿಗೆ ಸಮರ್ಪಕ ಮಾಹಿತಿ ನೀಡಬೇಕು. ಜನರ ಸಮಸ್ಯೆಗಳಿಗೆ ಅಧಿಕಾರಿಗಳು ತಕ್ಷಣ ಸ್ಪಂದಿಸಬೇಕು ಎಂದು ಶಾಸಕ ಡಾ. ಶೈಲೇಂದ್ರ ಬೆಲ್ದಾಳೆ ಅಧಿಕಾರಿಗಳಿಗೆ ಸೂಚಿಸಿದರು. ಬೀದರ ದಕ್ಷಿಣ ಕ್ಷೇತ್ರದ ಅಧಿಕಾರಿಗಳ ಪ್ರಗತಿ ಪರಿಶೀಲನಾ ಸಭೆಯಲ್ಲಿ ಮಾತನಾಡಿದ ಅವರು, ಕುಡಿಯುವ ನೀರಿನ ಸಮಸ್ಯೆ ಉಂಟಾಗದಂತೆ ಮುಂಜಾಗ್ರತಾ ಕ್ರಮ ಕೈಗೊಳ್ಳಬೇಕು. ಬೇಸಿಗೆ ಆರಂಭವಾಗುತ್ತಿರುವ ಹಿನ್ನೆಲೆಯಲ್ಲಿ ಗ್ರಾಮಗಳಲ್ಲಿ ನೀರಿನ ಪೂರೈಕೆ ವ್ಯವಸ್ಥೆಯನ್ನು ಪರಿಶೀಲಿಸಬೇಕು. ಶಾಲಾ ಕಟ್ಟಡಗಳ ದುರಸ್ತಿ, ಅಂಗನವಾಡಿ ಕೇಂದ್ರಗಳ ನಿರ್ವಹಣೆ ಹಾಗೂ ಆರೋಗ್ಯ ಕೇಂದ್ರಗಳಲ್ಲಿ ಔಷಧಿ ಲಭ್ಯತೆ ಬಗ್ಗೆ ಗಮನಹರಿಸಬೇಕು. ಸರ್ಕಾರದ ಯೋಜನೆಗಳು ಅರ್ಹ ಫಲಾನುಭವಿಗಳಿಗೆ ತಲುಪುವಂತೆ ಅಧಿಕಾರಿಗಳು ಕಾರ್ಯನಿರ್ವಹಿಸಬೇಕು. ಕರ್ತವ್ಯದಲ್ಲಿ ನಿರ್ಲಕ್ಷ್ಯ ತೋರುವ ಅಧಿಕಾರಿಗಳ ವಿರುದ್ಧ ಕ್ರಮ ಕೈಗೊಳ್ಳಲಾಗುವುದು ಎಂದು ಎಚ್ಚರಿಸಿದರು. ತಾಲೂಕು ಪಂಚಾಯಿತಿ ಕಾರ್ಯನಿರ್ವಾಹಕ ಅಧಿಕಾರಿ, ತಹಶೀಲ್ದಾರ ಹಾಗೂ ವಿವಿಧ ಇಲಾಖೆಗಳ ಅಧಿಕಾರಿಗಳು ಸಭೆಯಲ್ಲಿ ಉಪಸ್ಥಿತರಿದ್ದರು. ಪಶುಸಂಗೋಪನೆ, ಲೋಕೋಪಯೋಗಿ, ಪಂಚಾಯತ್ ರಾಜ್ ಎಂಜಿನಿಯರಿಂಗ್ ಇಲಾಖೆಗಳ ಪ್ರಗತಿ ಪರಿಶೀಲಿಸಲಾಯಿತು.
ಕೃಷಿ ಮತ್ತು ತೋಟಗಾರಿಕೆ ಇಲಾಖೆಯ ರೈತರಿಗೆ ಸಿಗುವ ಸೌಲಭ್ಯಗಳ ಕುರಿತು ರೈತರಿಗೆ ಸಮರ್ಪಕ ಮಾಹಿತಿ ನೀಡಬೇಕು. ಜನರ ಸಮಸ್ಯೆಗಳಿಗೆ ಅಧಿಕಾರಿಗಳು ತಕ್ಷಣ ಸ್ಪಂದಿಸಬೇಕು ಎಂದು ಶಾಸಕ ಡಾ. ಶೈಲೇಂದ್ರ ಬೆಲ್ದಾಳೆ ಅಧಿಕಾರಿಗಳಿಗೆ ಸೂಚಿಸಿದರು. ಬೀದರ ದಕ್ಷಿಣ ಕ್ಷೇತ್ರದ ಅಧಿಕಾರಿಗಳ ಪ್ರಗತಿ ಪರಿಶೀಲನಾ ಸಭೆಯಲ್ಲಿ ಮಾತನಾಡಿದ ಅವರು, ಕುಡಿಯುವ ನೀರಿನ ಸಮಸ್ಯೆ ಉಂಟಾಗದಂತೆ ಮುಂಜಾಗ್ರತಾ ಕ್ರಮ ಕೈಗೊಳ್ಳಬೇಕು. ಬೇಸಿಗೆ ಆರಂಭವಾಗುತ್ತಿರುವ ಹಿನ್ನೆಲೆಯಲ್ಲಿ ಗ್ರಾಮಗಳಲ್ಲಿ ನೀರಿನ ಪೂರೈಕೆ ವ್ಯವಸ್ಥೆಯನ್ನು ಪರಿಶೀಲಿಸಬೇಕು. ಶಾಲಾ ಕಟ್ಟಡಗಳ ದುರಸ್ತಿ, ಅಂಗನವಾಡಿ ಕೇಂದ್ರಗಳ ನಿರ್ವಹಣೆ ಹಾಗೂ ಆರೋಗ್ಯ ಕೇಂದ್ರಗಳಲ್ಲಿ ಔಷಧಿ ಲಭ್ಯತೆ ಬಗ್ಗೆ ಗಮನಹರಿಸಬೇಕು. ಸರ್ಕಾರದ ಯೋಜನೆಗಳು ಅರ್ಹ ಫಲಾನುಭವಿಗಳಿಗೆ ತಲುಪುವಂತೆ ಅಧಿಕಾರಿಗಳು ಕಾರ್ಯನಿರ್ವಹಿಸಬೇಕು. ಕರ್ತವ್ಯದಲ್ಲಿ ನಿರ್ಲಕ್ಷ್ಯ ತೋರುವ ಅಧಿಕಾರಿಗಳ ವಿರುದ್ಧ ಕ್ರಮ ಕೈಗೊಳ್ಳಲಾಗುವುದು ಎಂದು ಎಚ್ಚರಿಸಿದರು. ತಾಲೂಕು ಪಂಚಾಯಿತಿ ಕಾರ್ಯನಿರ್ವಾಹಕ ಅಧಿಕಾರಿ, ತಹಶೀಲ್ದಾರ ಹಾಗೂ ವಿವಿಧ ಇಲಾಖೆಗಳ ಅಧಿಕಾರಿಗಳು ಸಭೆಯಲ್ಲಿ ಉಪಸ್ಥಿತರಿದ್ದರು. ಪಶುಸಂಗೋಪನೆ, ಲೋಕೋಪಯೋಗಿ, ಪಂಚಾಯತ್ ರಾಜ್ ಎಂಜಿನಿಯರಿಂಗ್ ಇಲಾಖೆಗಳ ಪ್ರಗತಿ ಪರಿಶೀಲಿಸಲಾಯಿತು.
ಕೃಷಿ ಮತ್ತು ತೋಟಗಾರಿಕೆ ಇಲಾಖೆಯ ರೈತರಿಗೆ ಸಿಗುವ ಸೌಲಭ್ಯಗಳ ಕುರಿತು ರೈತರಿಗೆ ಸಮರ್ಪಕ ಮಾಹಿತಿ ನೀಡಬೇಕು. ಜನರ ಸಮಸ್ಯೆಗಳಿಗೆ ಅಧಿಕಾರಿಗಳು ತಕ್ಷಣ ಸ್ಪಂದಿಸಬೇಕು ಎಂದು ಶಾಸಕ ಡಾ. ಶೈಲೇಂದ್ರ ಬೆಲ್ದಾಳೆ ಅಧಿಕಾರಿಗಳಿಗೆ ಸೂಚಿಸಿದರು. ಬೀದರ ದಕ್ಷಿಣ ಕ್ಷೇತ್ರದ ಅಧಿಕಾರಿಗಳ ಪ್ರಗತಿ ಪರಿಶೀಲನಾ ಸಭೆಯಲ್ಲಿ ಮಾತನಾಡಿದ ಅವರು, ಕುಡಿಯುವ ನೀರಿನ ಸಮಸ್ಯೆ ಉಂಟಾಗದಂತೆ ಮುಂಜಾಗ್ರತಾ ಕ್ರಮ ಕೈಗೊಳ್ಳಬೇಕು. ಬೇಸಿಗೆ ಆರಂಭವಾಗುತ್ತಿರುವ ಹಿನ್ನೆಲೆಯಲ್ಲಿ ಗ್ರಾಮಗಳಲ್ಲಿ ನೀರಿನ ಪೂರೈಕೆ ವ್ಯವಸ್ಥೆಯನ್ನು ಪರಿಶೀಲಿಸಬೇಕು. ಶಾಲಾ ಕಟ್ಟಡಗಳ ದುರಸ್ತಿ, ಅಂಗನವಾಡಿ ಕೇಂದ್ರಗಳ ನಿರ್ವಹಣೆ ಹಾಗೂ ಆರೋಗ್ಯ ಕೇಂದ್ರಗಳಲ್ಲಿ ಔಷಧಿ ಲಭ್ಯತೆ ಬಗ್ಗೆ ಗಮನಹರಿಸಬೇಕು. ಸರ್ಕಾರದ ಯೋಜನೆಗಳು ಅರ್ಹ ಫಲಾನುಭವಿಗಳಿಗೆ ತಲುಪುವಂತೆ ಅಧಿಕಾರಿಗಳು ಕಾರ್ಯನಿರ್ವಹಿಸಬೇಕು. ಕರ್ತವ್ಯದಲ್ಲಿ ನಿರ್ಲಕ್ಷ್ಯ ತೋರುವ ಅಧಿಕಾರಿಗಳ ವಿರುದ್ಧ ಕ್ರಮ ಕೈಗೊಳ್ಳಲಾಗುವುದು ಎಂದು ಎಚ್ಚರಿಸಿದರು. ತಾಲೂಕು ಪಂಚಾಯಿತಿ ಕಾರ್ಯನಿರ್ವಾಹಕ ಅಧಿಕಾರಿ, ತಹಶೀಲ್ದಾರ ಹಾಗೂ ವಿವಿಧ ಇಲಾಖೆಗಳ ಅಧಿಕಾರಿಗಳು ಸಭೆಯಲ್ಲಿ ಉಪಸ್ಥಿತರಿದ್ದರು. ಪಶುಸಂಗೋಪನೆ, ಲೋಕೋಪಯೋಗಿ, ಪಂಚಾಯತ್ ರಾಜ್ ಎಂಜಿನಿಯರಿಂಗ್ ಇಲಾಖೆಗಳ ಪ್ರಗತಿ ಪರಿಶೀಲಿಸಲಾಯಿತು.
ಹಿಟ್ & ರನ್ ಕಾನೂನು ಹಿಂಪಡೆಯಲು ಆಗ್ರಹ
ಮುದ್ದೇಬಿಹಾಳ: ಕೇಂದ್ರ ಸರ್ಕಾರ ಜಾರಿಗೆ ತಂದಿರುವ ಹಿಟ್ ಅಂಡ್ ರನ್ ಪ್ರಕರಣಗಳ ಹೊಸ ಕಾನೂನನ್ನು ಹಿಂಪಡೆಯಬೇಕು ಎಂದು ಆಗ್ರಹಿಸಿ ಚಾಲಕರ ಸಂಘದ ವತಿಯಿಂದ ತಹಶೀಲ್ದಾರ ಮೂಲಕ ಮನವಿ ಸಲ್ಲಿಸಲಾಯಿತು. ಹೊಸ ಕಾನೂನಿನಲ್ಲಿ ಚಾಲಕರಿಗೆ ಕಠಿಣ ಶಿಕ್ಷೆ ಹಾಗೂ ಭಾರಿ ದಂಡ ವಿಧಿಸುವ ಅವಕಾಶವಿದ್ದು, ಇದು ಚಾಲಕರ ಬದುಕಿಗೆ ಮಾರಕವಾಗಿದೆ. ಅಪಘಾತ ಸಂಭವಿಸಿದಾಗ ಸ್ಥಳದಲ್ಲೇ ಉಳಿದರೆ ಚಾಲಕರ ಮೇಲೆ ಹಲ್ಲೆ ನಡೆಯುವ ಸಾಧ್ಯತೆ ಇರುತ್ತದೆ. ಆದ್ದರಿಂದ ಈ ಕಾನೂನನ್ನು ಮರುಪರಿಶೀಲಿಸಬೇಕು ಎಂದು ಸಂಘದ ಪದಾಧಿಕಾರಿಗಳು ಒತ್ತಾಯಿಸಿದರು. ಸಂಘದ ಅಧ್ಯಕ್ಷರು, ಉಪಾಧ್ಯಕ್ಷರು ಹಾಗೂ ನೂರಾರು ಚಾಲಕರು ಪಾಲ್ಗೊಂಡಿದ್ದರು. ಕೇಂದ್ರ ಸರ್ಕಾರ ಜಾರಿಗೆ ತಂದಿರುವ ಹಿಟ್ ಅಂಡ್ ರನ್ ಪ್ರಕರಣಗಳ ಹೊಸ ಕಾನೂನನ್ನು ಹಿಂಪಡೆಯಬೇಕು ಎಂದು ಆಗ್ರಹಿಸಿ ಚಾಲಕರ ಸಂಘದ ವತಿಯಿಂದ ತಹಶೀಲ್ದಾರ ಮೂಲಕ ಮನವಿ ಸಲ್ಲಿಸಲಾಯಿತು. ಹೊಸ ಕಾನೂನಿನಲ್ಲಿ ಚಾಲಕರಿಗೆ ಕಠಿಣ ಶಿಕ್ಷೆ ಹಾಗೂ ಭಾರಿ ದಂಡ ವಿಧಿಸುವ ಅವಕಾಶವಿದ್ದು, ಇದು ಚಾಲಕರ ಬದುಕಿಗೆ ಮಾರಕವಾಗಿದೆ. ಅಪಘಾತ ಸಂಭವಿಸಿದಾಗ ಸ್ಥಳದಲ್ಲೇ ಉಳಿದರೆ ಚಾಲಕರ ಮೇಲೆ ಹಲ್ಲೆ ನಡೆಯುವ ಸಾಧ್ಯತೆ ಇರುತ್ತದೆ. ಆದ್ದರಿಂದ ಈ ಕಾನೂನನ್ನು ಮರುಪರಿಶೀಲಿಸಬೇಕು ಎಂದು ಸಂಘದ ಪದಾಧಿಕಾರಿಗಳು ಒತ್ತಾಯಿಸಿದರು. ಸಂಘದ ಅಧ್ಯಕ್ಷರು, ಉಪಾಧ್ಯಕ್ಷರು ಹಾಗೂ ನೂರಾರು ಚಾಲಕರು ಪಾಲ್ಗೊಂಡಿದ್ದರು.
